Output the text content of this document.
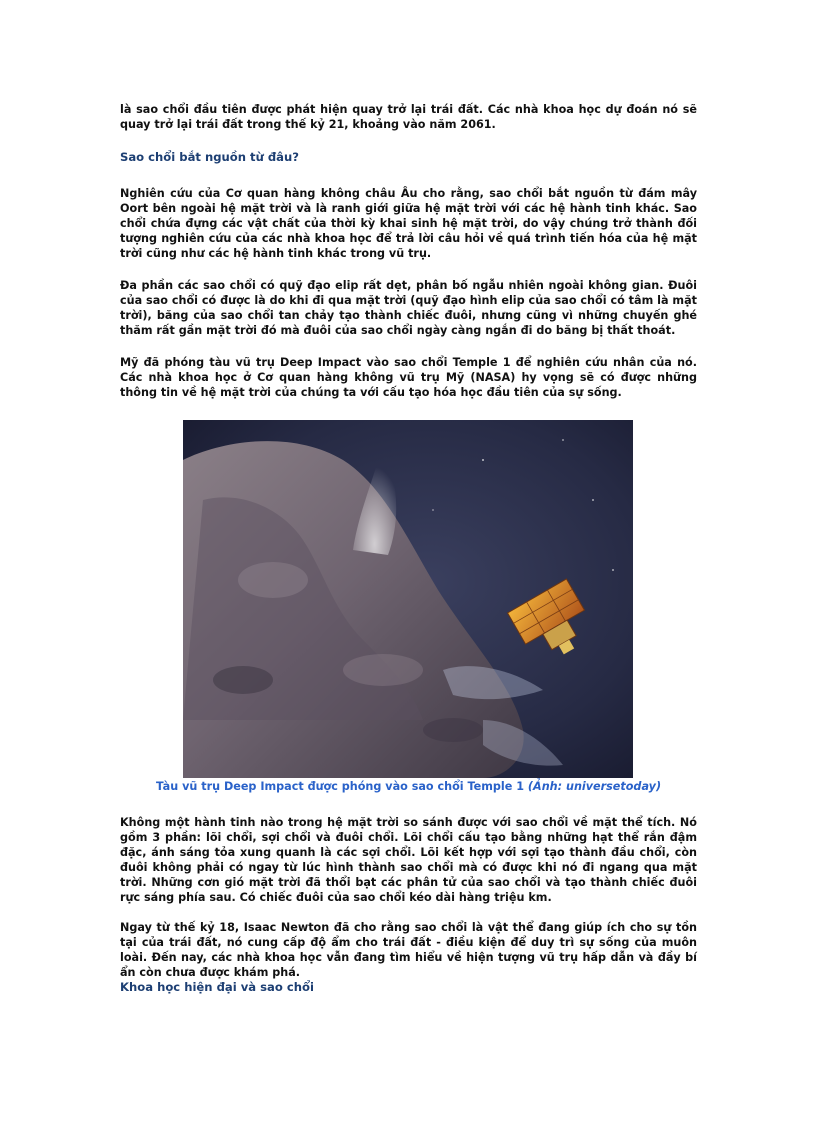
là sao chổi đầu tiên được phát hiện quay trở lại trái đất. Các nhà khoa học dự đoán nó sẽ quay trở lại trái đất trong thế kỷ 21, khoảng vào năm 2061.

Sao chổi bắt nguồn từ đâu?

Nghiên cứu của Cơ quan hàng không châu Âu cho rằng, sao chổi bắt nguồn từ đám mây Oort bên ngoài hệ mặt trời và là ranh giới giữa hệ mặt trời với các hệ hành tinh khác. Sao chổi chứa đựng các vật chất của thời kỳ khai sinh hệ mặt trời, do vậy chúng trở thành đối tượng nghiên cứu của các nhà khoa học để trả lời câu hỏi về quá trình tiến hóa của hệ mặt trời cũng như các hệ hành tinh khác trong vũ trụ.

Đa phần các sao chổi có quỹ đạo elip rất dẹt, phân bố ngẫu nhiên ngoài không gian. Đuôi của sao chổi có được là do khi đi qua mặt trời (quỹ đạo hình elip của sao chổi có tâm là mặt trời), băng của sao chổi tan chảy tạo thành chiếc đuôi, nhưng cũng vì những chuyến ghé thăm rất gần mặt trời đó mà đuôi của sao chổi ngày càng ngắn đi do băng bị thất thoát.

Mỹ đã phóng tàu vũ trụ Deep Impact vào sao chổi Temple 1 để nghiên cứu nhân của nó. Các nhà khoa học ở Cơ quan hàng không vũ trụ Mỹ (NASA) hy vọng sẽ có được những thông tin về hệ mặt trời của chúng ta với cấu tạo hóa học đầu tiên của sự sống.

Tàu vũ trụ Deep Impact được phóng vào sao chổi Temple 1 (Ảnh: universetoday)

Không một hành tinh nào trong hệ mặt trời so sánh được với sao chổi về mặt thể tích. Nó gồm 3 phần: lõi chổi, sợi chổi và đuôi chổi. Lõi chổi cấu tạo bằng những hạt thể rắn đậm đặc, ánh sáng tỏa xung quanh là các sợi chổi. Lõi kết hợp với sợi tạo thành đầu chổi, còn đuôi không phải có ngay từ lúc hình thành sao chổi mà có được khi nó đi ngang qua mặt trời. Những cơn gió mặt trời đã thổi bạt các phân tử của sao chổi và tạo thành chiếc đuôi rực sáng phía sau. Có chiếc đuôi của sao chổi kéo dài hàng triệu km.

Ngay từ thế kỷ 18, Isaac Newton đã cho rằng sao chổi là vật thể đang giúp ích cho sự tồn tại của trái đất, nó cung cấp độ ẩm cho trái đất - điều kiện để duy trì sự sống của muôn loài. Đến nay, các nhà khoa học vẫn đang tìm hiểu về hiện tượng vũ trụ hấp dẫn và đầy bí ẩn còn chưa được khám phá.

Khoa học hiện đại và sao chổi
